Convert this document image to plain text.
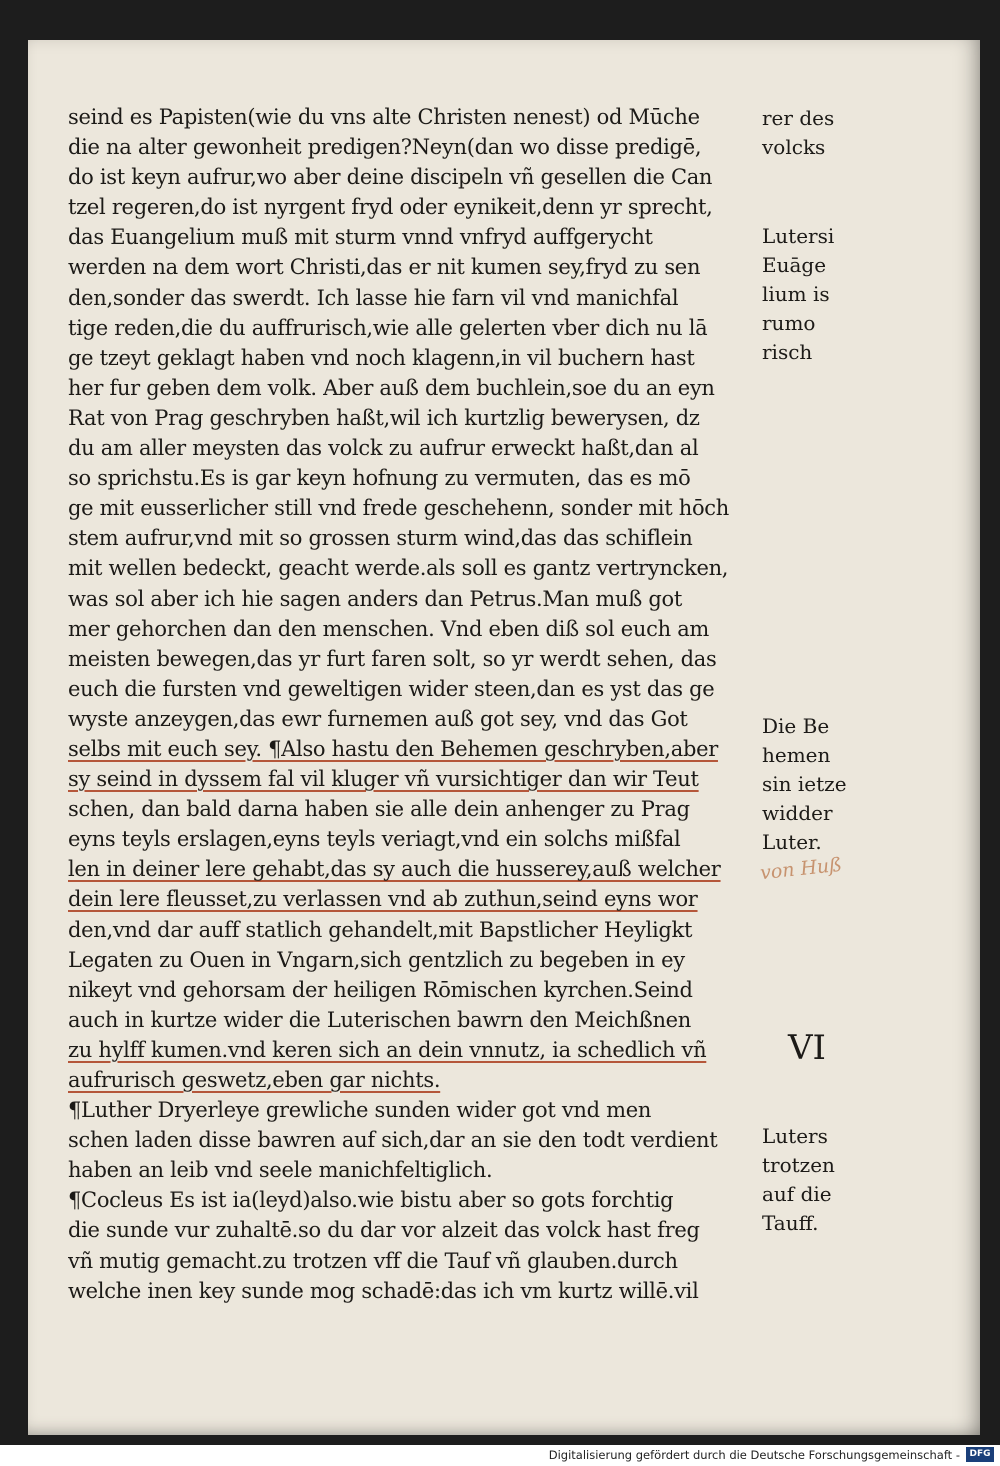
seind es Papisten(wie du vns alte Christen nenest) od Mūche
die na alter gewonheit predigen?Neyn(dan wo disse predigē,
do ist keyn aufrur,wo aber deine discipeln vñ gesellen die Can
tzel regeren,do ist nyrgent fryd oder eynikeit,denn yr sprecht,
das Euangelium muß mit sturm vnnd vnfryd auffgerycht
werden na dem wort Christi,das er nit kumen sey,fryd zu sen
den,sonder das swerdt. Ich lasse hie farn vil vnd manichfal
tige reden,die du auffrurisch,wie alle gelerten vber dich nu lā
ge tzeyt geklagt haben vnd noch klagenn,in vil buchern hast
her fur geben dem volk. Aber auß dem buchlein,soe du an eyn
Rat von Prag geschryben haßt,wil ich kurtzlig bewerysen, dz
du am aller meysten das volck zu aufrur erweckt haßt,dan al
so sprichstu.Es is gar keyn hofnung zu vermuten, das es mō
ge mit eusserlicher still vnd frede geschehenn, sonder mit hōch
stem aufrur,vnd mit so grossen sturm wind,das das schiflein
mit wellen bedeckt, geacht werde.als soll es gantz vertryncken,
was sol aber ich hie sagen anders dan Petrus.Man muß got
mer gehorchen dan den menschen. Vnd eben diß sol euch am
meisten bewegen,das yr furt faren solt, so yr werdt sehen, das
euch die fursten vnd geweltigen wider steen,dan es yst das ge
wyste anzeygen,das ewr furnemen auß got sey, vnd das Got
selbs mit euch sey. ¶Also hastu den Behemen geschryben,aber
sy seind in dyssem fal vil kluger vñ vursichtiger dan wir Teut
schen, dan bald darna haben sie alle dein anhenger zu Prag
eyns teyls erslagen,eyns teyls veriagt,vnd ein solchs mißfal
len in deiner lere gehabt,das sy auch die husserey,auß welcher
dein lere fleusset,zu verlassen vnd ab zuthun,seind eyns wor
den,vnd dar auff statlich gehandelt,mit Bapstlicher Heyligkt
Legaten zu Ouen in Vngarn,sich gentzlich zu begeben in ey
nikeyt vnd gehorsam der heiligen Rōmischen kyrchen.Seind
auch in kurtze wider die Luterischen bawrn den Meichßnen
zu hylff kumen.vnd keren sich an dein vnnutz, ia schedlich vñ
aufrurisch geswetz,eben gar nichts.
¶Luther Dryerleye grewliche sunden wider got vnd men
schen laden disse bawren auf sich,dar an sie den todt verdient
haben an leib vnd seele manichfeltiglich.
¶Cocleus Es ist ia(leyd)also.wie bistu aber so gots forchtig
die sunde vur zuhaltē.so du dar vor alzeit das volck hast freg
vñ mutig gemacht.zu trotzen vff die Tauf vñ glauben.durch
welche inen key sunde mog schadē:das ich vm kurtz willē.vil
rer des
volcks
Lutersi
Euāge
lium is
rumo
risch
Die Be
hemen
sin ietze
widder
Luter.
von Huß
VI
Luters
trotzen
auf die
Tauff.
Digitalisierung gefördert durch die Deutsche Forschungsgemeinschaft -	DFG
